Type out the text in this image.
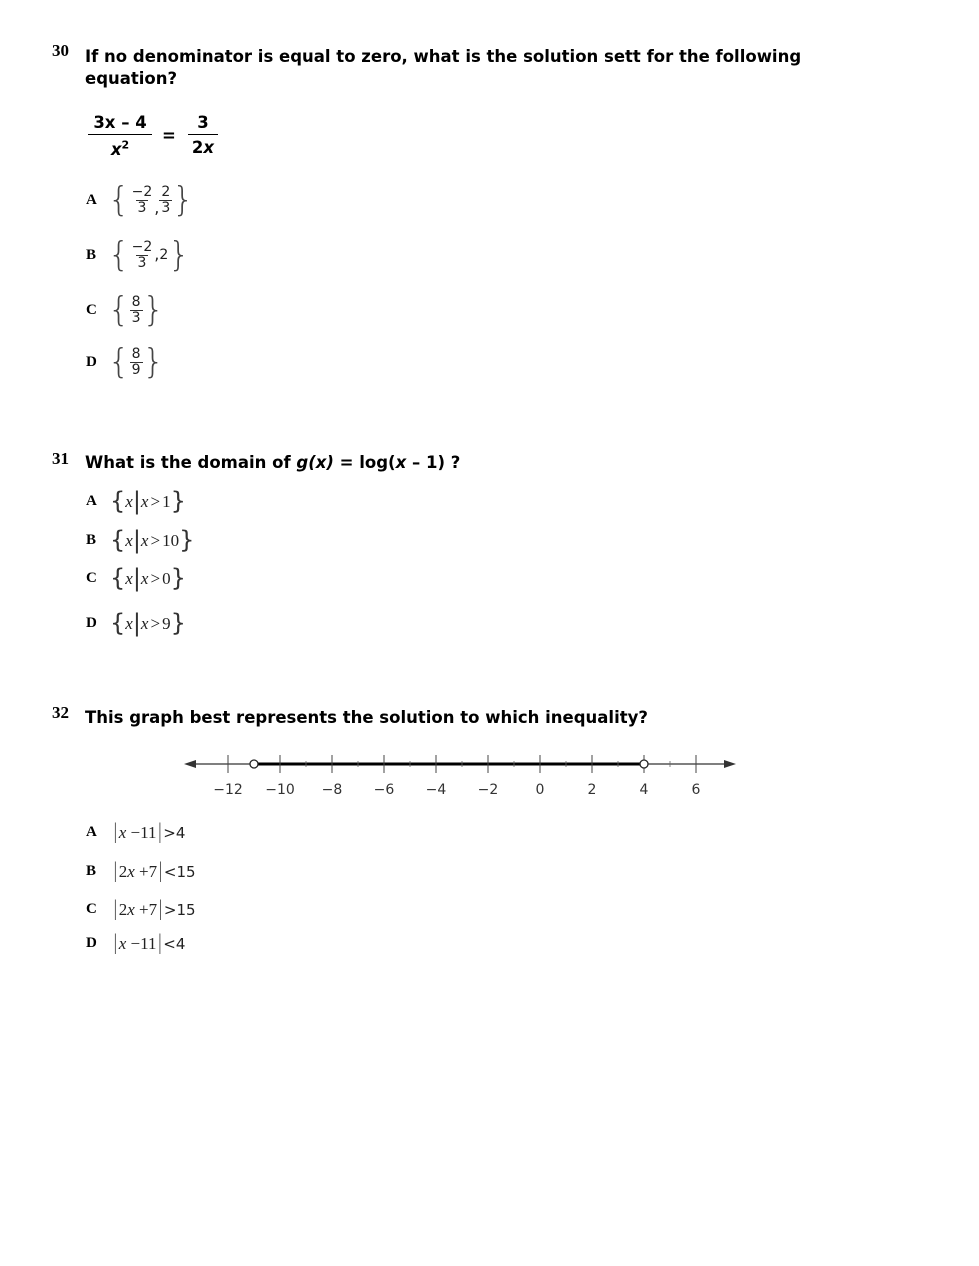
30 If no denominator is equal to zero, what is the solution sett for the following
equation?
$\frac{3x - 4}{x^2} = \frac{3}{2x}$
A { $\frac{-2}{3}$ , $\frac{2}{3}$ }
B { $\frac{-2}{3} ,2$}
C { $\frac{8}{3}$ }
D { $\frac{8}{9}$ }
31 What is the domain of g(x) = log(x – 1) ?
A {x|x > 1}
B {x|x > 10}
C {x|x > 0}
D {x|x > 9}
32 This graph best represents the solution to which inequality?
−12 −10 −8 −6 −4 −2	0	2	4	6
A |x −11|>4
B |2x +7|<15
C |2x +7|>15
D |x −11|<4
